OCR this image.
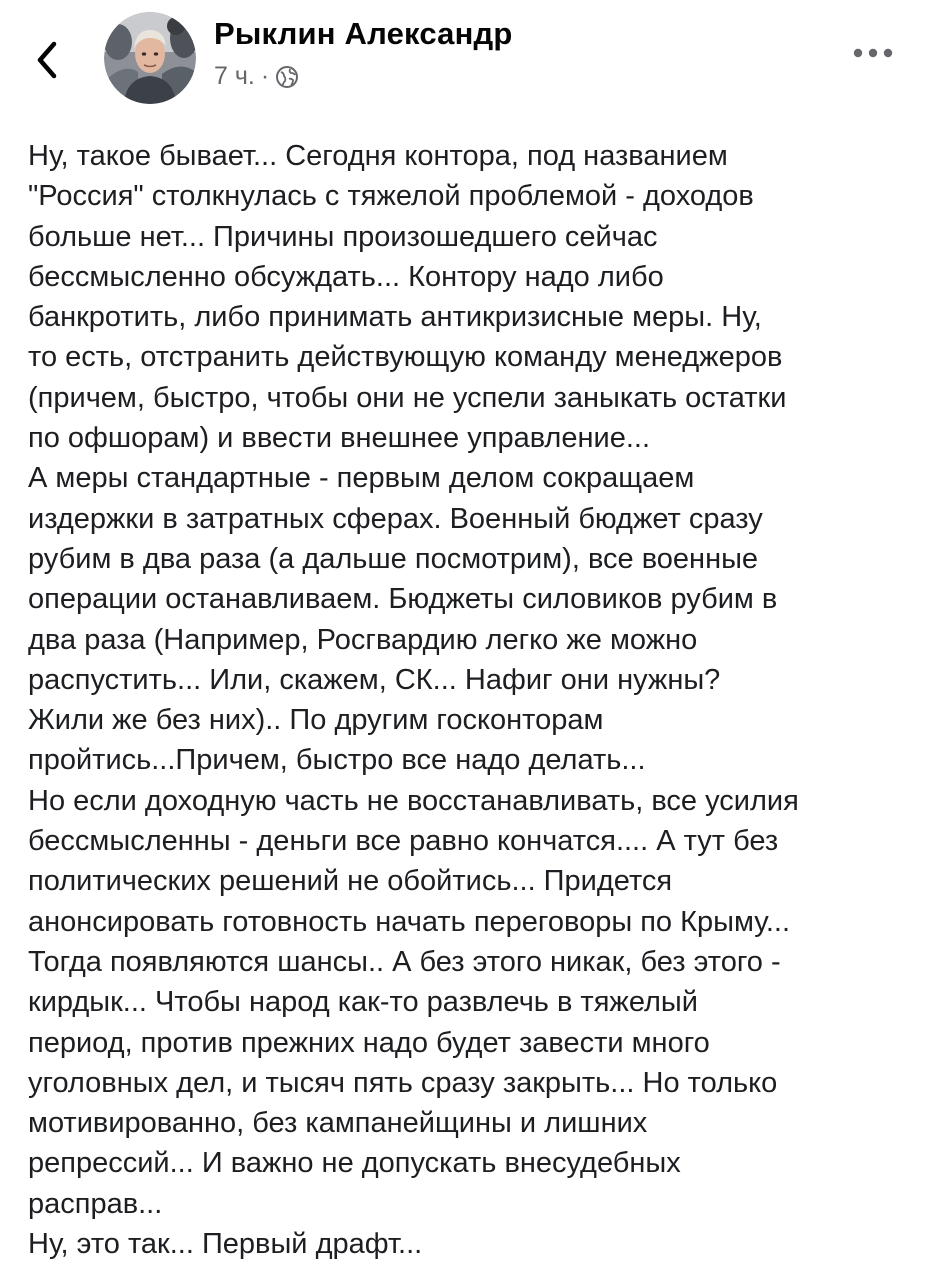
Рыклин Александр
7 ч. ·
Ну, такое бывает... Сегодня контора, под названием
"Россия" столкнулась с тяжелой проблемой - доходов
больше нет... Причины произошедшего сейчас
бессмысленно обсуждать... Контору надо либо
банкротить, либо принимать антикризисные меры. Ну,
то есть, отстранить действующую команду менеджеров
(причем, быстро, чтобы они не успели заныкать остатки
по офшорам) и ввести внешнее управление...
А меры стандартные - первым делом сокращаем
издержки в затратных сферах. Военный бюджет сразу
рубим в два раза (а дальше посмотрим), все военные
операции останавливаем. Бюджеты силовиков рубим в
два раза (Например, Росгвардию легко же можно
распустить... Или, скажем, СК... Нафиг они нужны?
Жили же без них).. По другим госконторам
пройтись...Причем, быстро все надо делать...
Но если доходную часть не восстанавливать, все усилия
бессмысленны - деньги все равно кончатся.... А тут без
политических решений не обойтись... Придется
анонсировать готовность начать переговоры по Крыму...
Тогда появляются шансы.. А без этого никак, без этого -
кирдык... Чтобы народ как-то развлечь в тяжелый
период, против прежних надо будет завести много
уголовных дел, и тысяч пять сразу закрыть... Но только
мотивированно, без кампанейщины и лишних
репрессий... И важно не допускать внесудебных
расправ...
Ну, это так... Первый драфт...
